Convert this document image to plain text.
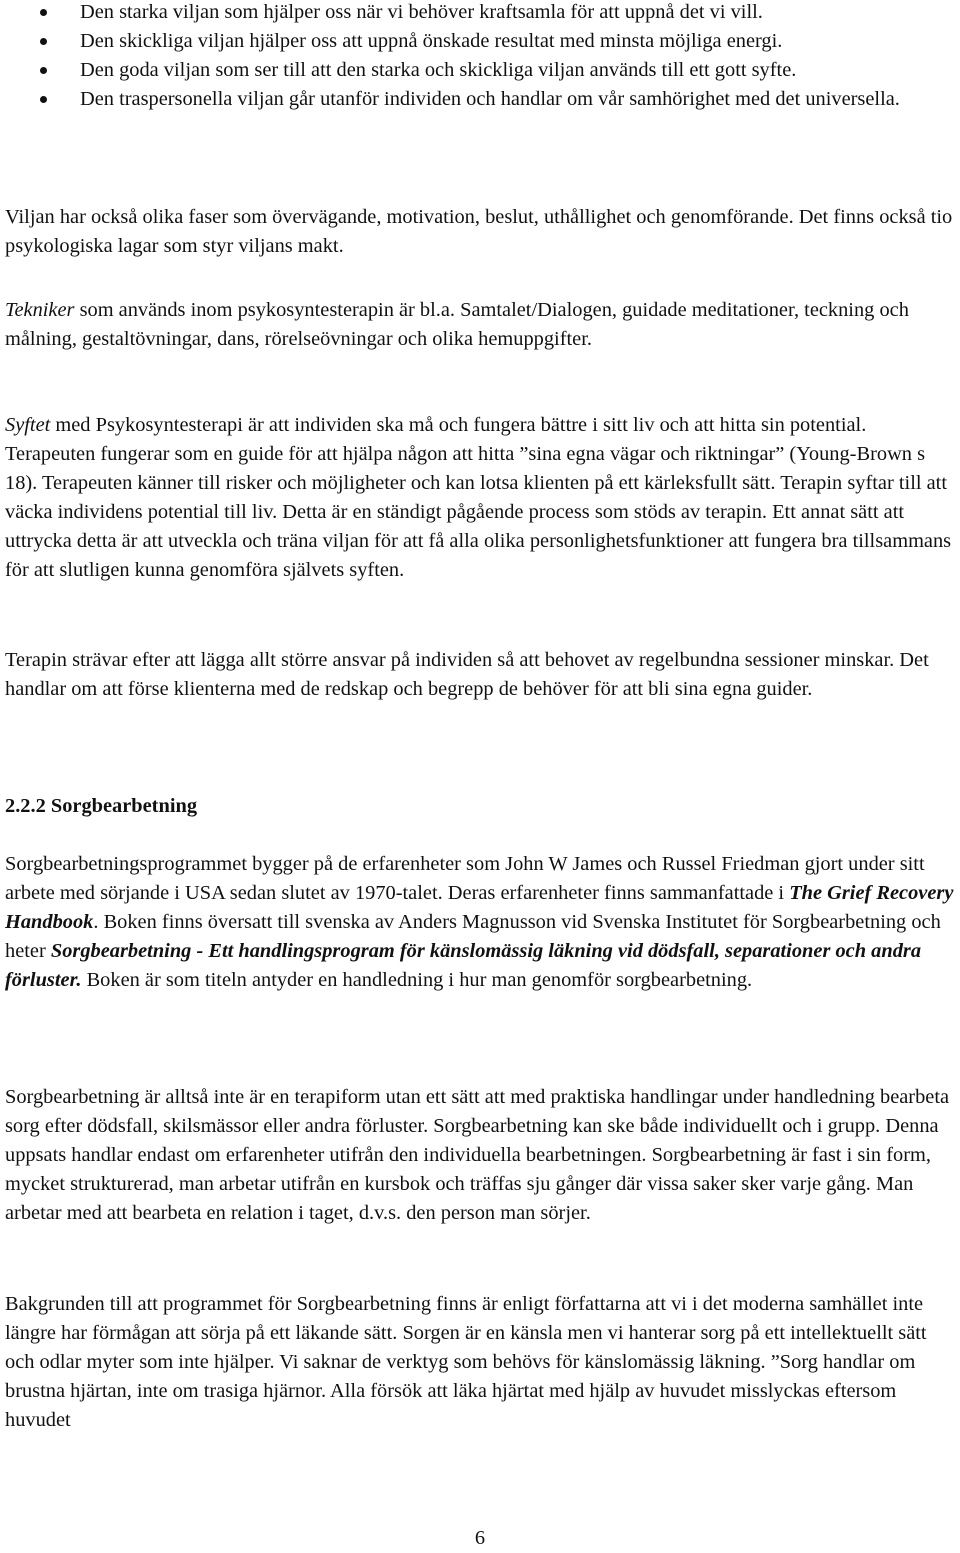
Den starka viljan som hjälper oss när vi behöver kraftsamla för att uppnå det vi vill.
Den skickliga viljan hjälper oss att uppnå önskade resultat med minsta möjliga energi.
Den goda viljan som ser till att den starka och skickliga viljan används till ett gott syfte.
Den traspersonella viljan går utanför individen och handlar om vår samhörighet med det universella.

Viljan har också olika faser som övervägande, motivation, beslut, uthållighet och genomförande. Det finns också tio psykologiska lagar som styr viljans makt.

Tekniker som används inom psykosyntesterapin är bl.a. Samtalet/Dialogen, guidade meditationer, teckning och målning, gestaltövningar, dans, rörelseövningar och olika hemuppgifter.

Syftet med Psykosyntesterapi är att individen ska må och fungera bättre i sitt liv och att hitta sin potential. Terapeuten fungerar som en guide för att hjälpa någon att hitta ”sina egna vägar och riktningar” (Young-Brown s 18). Terapeuten känner till risker och möjligheter och kan lotsa klienten på ett kärleksfullt sätt. Terapin syftar till att väcka individens potential till liv. Detta är en ständigt pågående process som stöds av terapin. Ett annat sätt att uttrycka detta är att utveckla och träna viljan för att få alla olika personlighetsfunktioner att fungera bra tillsammans för att slutligen kunna genomföra självets syften.

Terapin strävar efter att lägga allt större ansvar på individen så att behovet av regelbundna sessioner minskar. Det handlar om att förse klienterna med de redskap och begrepp de behöver för att bli sina egna guider.

2.2.2 Sorgbearbetning

Sorgbearbetningsprogrammet bygger på de erfarenheter som John W James och Russel Friedman gjort under sitt arbete med sörjande i USA sedan slutet av 1970-talet. Deras erfarenheter finns sammanfattade i The Grief Recovery Handbook. Boken finns översatt till svenska av Anders Magnusson vid Svenska Institutet för Sorgbearbetning och heter Sorgbearbetning - Ett handlingsprogram för känslomässig läkning vid dödsfall, separationer och andra förluster. Boken är som titeln antyder en handledning i hur man genomför sorgbearbetning.

Sorgbearbetning är alltså inte är en terapiform utan ett sätt att med praktiska handlingar under handledning bearbeta sorg efter dödsfall, skilsmässor eller andra förluster. Sorgbearbetning kan ske både individuellt och i grupp. Denna uppsats handlar endast om erfarenheter utifrån den individuella bearbetningen. Sorgbearbetning är fast i sin form, mycket strukturerad, man arbetar utifrån en kursbok och träffas sju gånger där vissa saker sker varje gång. Man arbetar med att bearbeta en relation i taget, d.v.s. den person man sörjer.

Bakgrunden till att programmet för Sorgbearbetning finns är enligt författarna att vi i det moderna samhället inte längre har förmågan att sörja på ett läkande sätt. Sorgen är en känsla men vi hanterar sorg på ett intellektuellt sätt och odlar myter som inte hjälper. Vi saknar de verktyg som behövs för känslomässig läkning. ”Sorg handlar om brustna hjärtan, inte om trasiga hjärnor. Alla försök att läka hjärtat med hjälp av huvudet misslyckas eftersom huvudet

6
